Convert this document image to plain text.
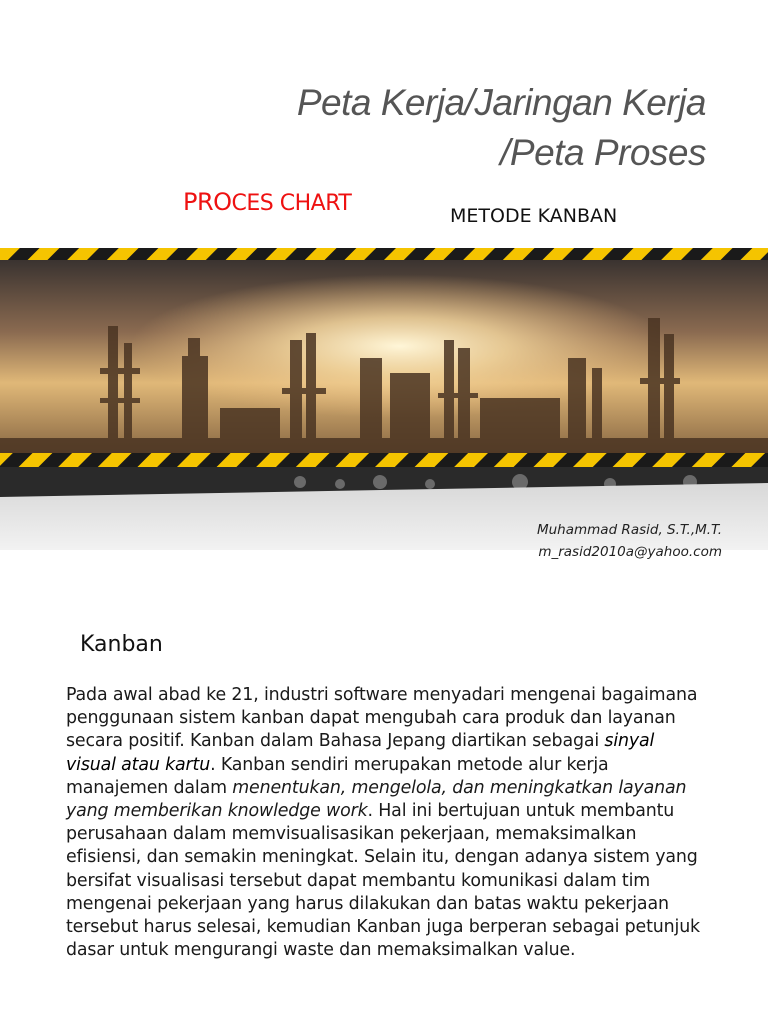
Peta Kerja/Jaringan Kerja
/Peta Proses
PROCES CHART	METODE KANBAN
Muhammad Rasid, S.T.,M.T.
m_rasid2010a@yahoo.com
Kanban
Pada awal abad ke 21, industri software menyadari mengenai bagaimana penggunaan sistem kanban dapat mengubah cara produk dan layanan secara positif. Kanban dalam Bahasa Jepang diartikan sebagai sinyal visual atau kartu. Kanban sendiri merupakan metode alur kerja manajemen dalam menentukan, mengelola, dan meningkatkan layanan yang memberikan knowledge work. Hal ini bertujuan untuk membantu perusahaan dalam memvisualisasikan pekerjaan, memaksimalkan efisiensi, dan semakin meningkat. Selain itu, dengan adanya sistem yang bersifat visualisasi tersebut dapat membantu komunikasi dalam tim mengenai pekerjaan yang harus dilakukan dan batas waktu pekerjaan tersebut harus selesai, kemudian Kanban juga berperan sebagai petunjuk dasar untuk mengurangi waste dan memaksimalkan value.
